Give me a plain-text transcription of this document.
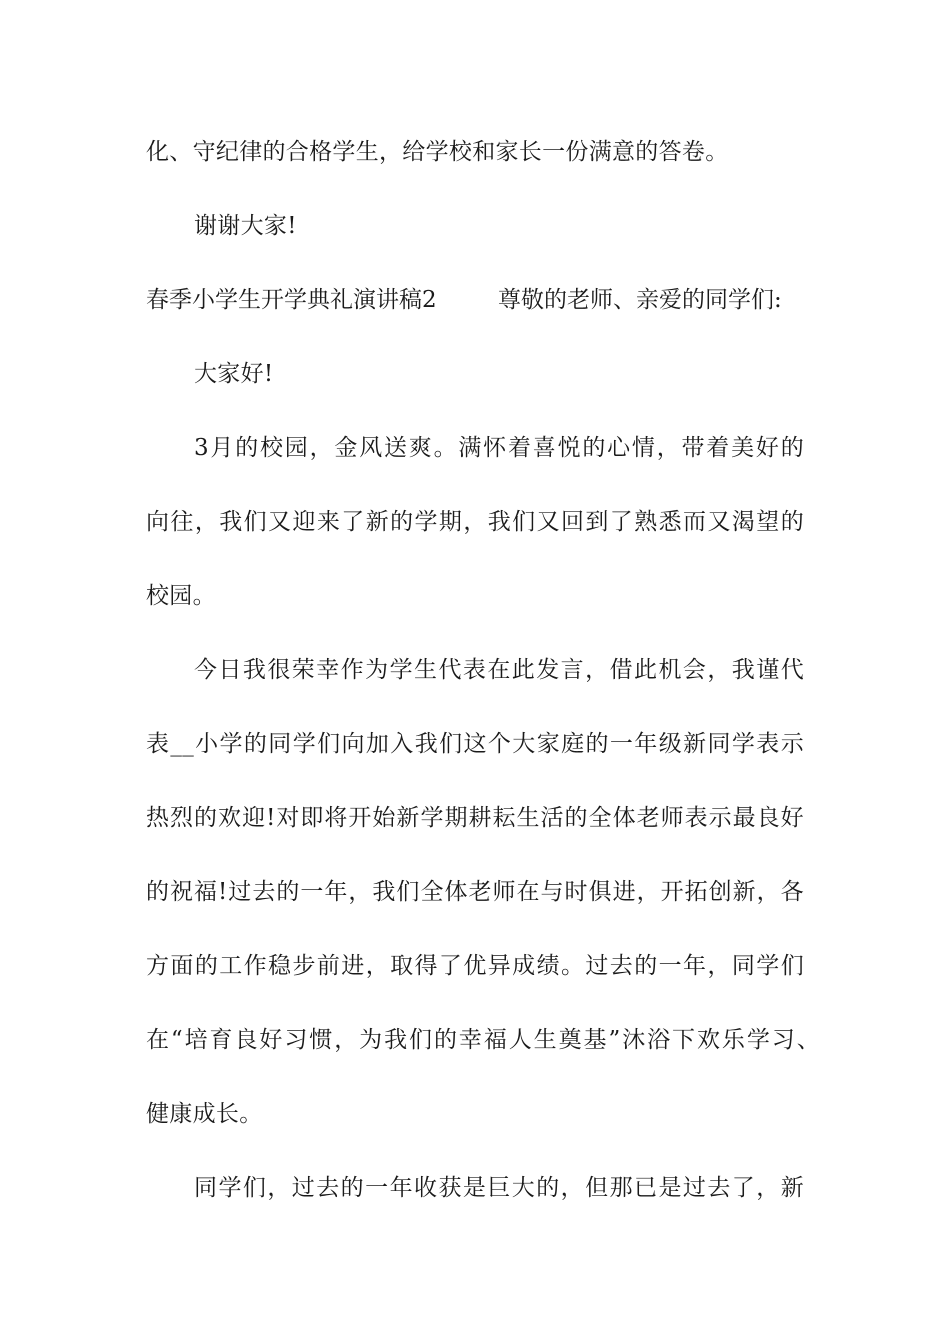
化、守纪律的合格学生，给学校和家长一份满意的答卷。
谢谢大家!
春季小学生开学典礼演讲稿2	尊敬的老师、亲爱的同学们:
大家好!
3月的校园，金风送爽。满怀着喜悦的心情，带着美好的
向往，我们又迎来了新的学期，我们又回到了熟悉而又渴望的
校园。
今日我很荣幸作为学生代表在此发言，借此机会，我谨代
表__小学的同学们向加入我们这个大家庭的一年级新同学表示
热烈的欢迎!对即将开始新学期耕耘生活的全体老师表示最良好
的祝福!过去的一年，我们全体老师在与时俱进，开拓创新，各
方面的工作稳步前进，取得了优异成绩。过去的一年，同学们
在“培育良好习惯，为我们的幸福人生奠基”沐浴下欢乐学习、
健康成长。
同学们，过去的一年收获是巨大的，但那已是过去了，新
